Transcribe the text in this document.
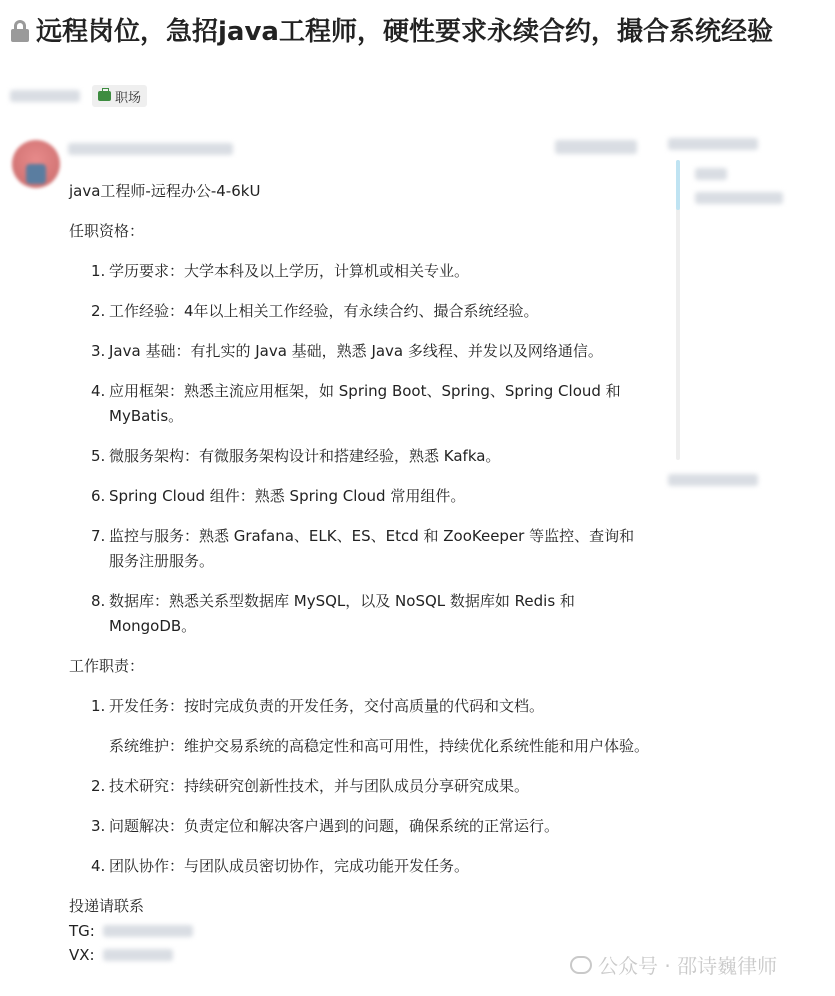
远程岗位，急招java工程师，硬性要求永续合约，撮合系统经验
职场

java工程师-远程办公-4-6kU

任职资格：

1. 学历要求：大学本科及以上学历，计算机或相关专业。
2. 工作经验：4年以上相关工作经验，有永续合约、撮合系统经验。
3. Java 基础：有扎实的 Java 基础，熟悉 Java 多线程、并发以及网络通信。
4. 应用框架：熟悉主流应用框架，如 Spring Boot、Spring、Spring Cloud 和 MyBatis。
5. 微服务架构：有微服务架构设计和搭建经验，熟悉 Kafka。
6. Spring Cloud 组件：熟悉 Spring Cloud 常用组件。
7. 监控与服务：熟悉 Grafana、ELK、ES、Etcd 和 ZooKeeper 等监控、查询和服务注册服务。
8. 数据库：熟悉关系型数据库 MySQL，以及 NoSQL 数据库如 Redis 和 MongoDB。

工作职责：

1. 开发任务：按时完成负责的开发任务，交付高质量的代码和文档。
系统维护：维护交易系统的高稳定性和高可用性，持续优化系统性能和用户体验。
2. 技术研究：持续研究创新性技术，并与团队成员分享研究成果。
3. 问题解决：负责定位和解决客户遇到的问题，确保系统的正常运行。
4. 团队协作：与团队成员密切协作，完成功能开发任务。

投递请联系

TG:
VX:	公众号 · 邵诗巍律师
